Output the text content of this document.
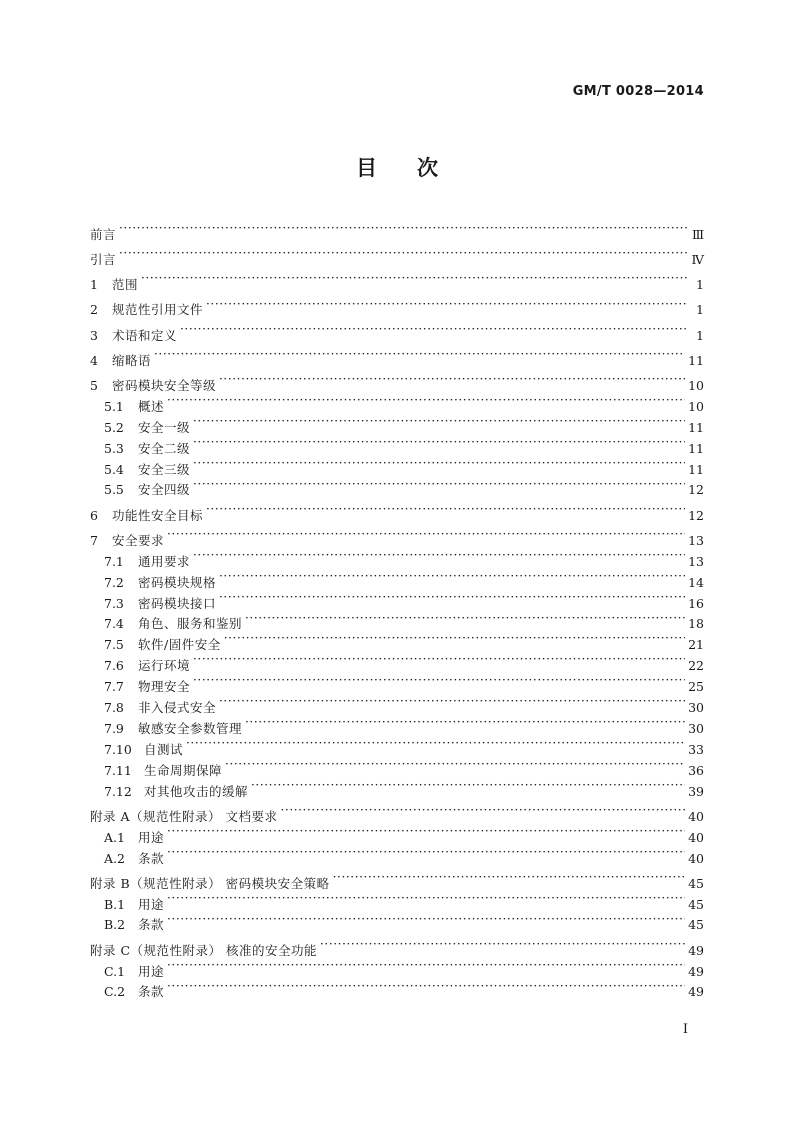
GM/T 0028—2014
目 次
前言 ·····	Ⅲ
引言 ·····	Ⅳ
1	范围 ·····	1
2	规范性引用文件 ·····	1
3	术语和定义 ·····	1
4	缩略语 ·····	11
5	密码模块安全等级 ·····	10
5.1	概述 ·····	10
5.2	安全一级 ·····	11
5.3	安全二级 ·····	11
5.4	安全三级 ·····	11
5.5	安全四级 ·····	12
6	功能性安全目标 ·····	12
7	安全要求 ·····	13
7.1	通用要求 ·····	13
7.2	密码模块规格 ·····	14
7.3	密码模块接口 ·····	16
7.4	角色、服务和鉴别 ·····	18
7.5	软件/固件安全 ·····	21
7.6	运行环境 ·····	22
7.7	物理安全 ·····	25
7.8	非入侵式安全 ·····	30
7.9	敏感安全参数管理 ·····	30
7.10 自测试 ·····	33
7.11 生命周期保障 ·····	36
7.12 对其他攻击的缓解 ·····	39
附录 A（规范性附录） 文档要求 ·····	40
A.1	用途 ·····	40
A.2	条款 ·····	40
附录 B（规范性附录） 密码模块安全策略 ·····	45
B.1	用途 ·····	45
B.2	条款 ·····	45
附录 C（规范性附录） 核准的安全功能 ·····	49
C.1	用途 ·····	49
C.2	条款 ·····	49
I
